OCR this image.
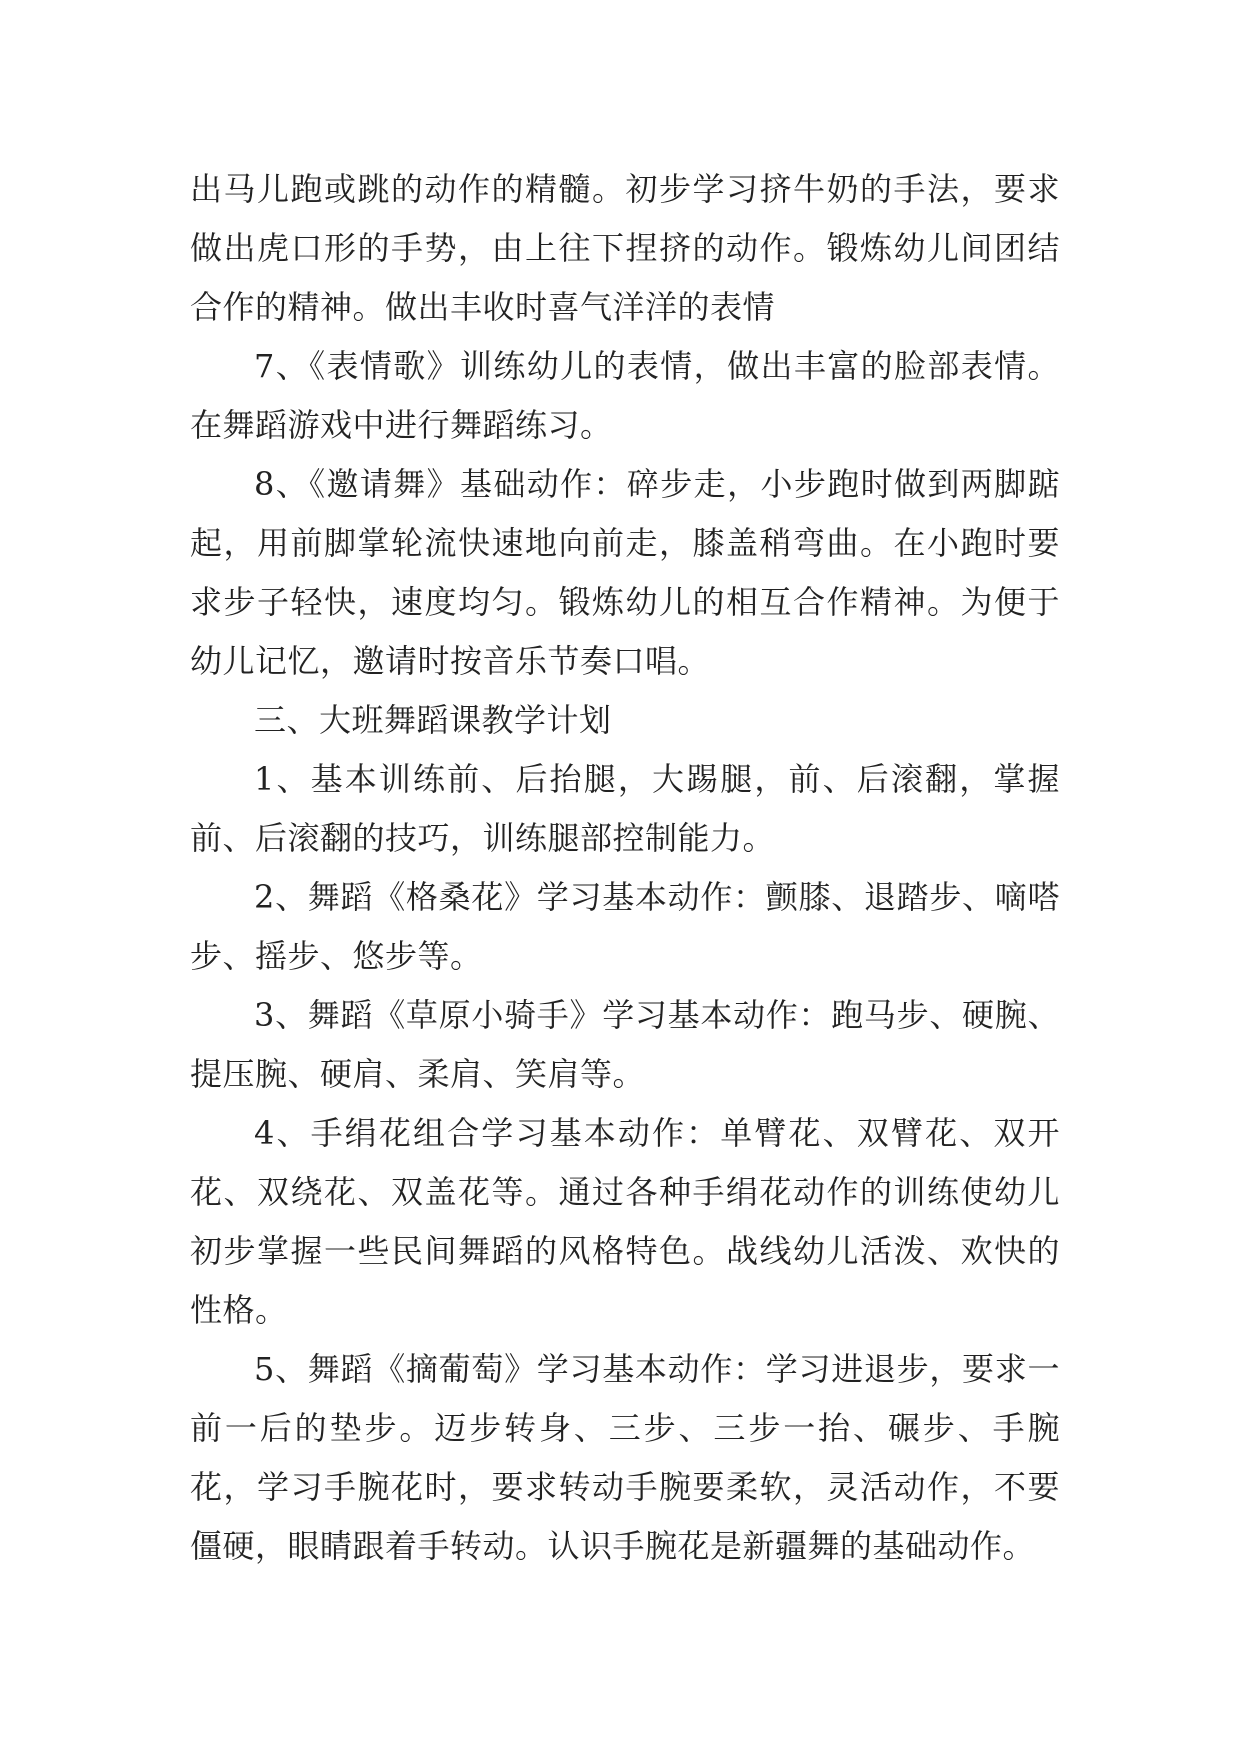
出马儿跑或跳的动作的精髓。初步学习挤牛奶的手法，要求做出虎口形的手势，由上往下捏挤的动作。锻炼幼儿间团结合作的精神。做出丰收时喜气洋洋的表情

7、《表情歌》训练幼儿的表情，做出丰富的脸部表情。在舞蹈游戏中进行舞蹈练习。

8、《邀请舞》基础动作：碎步走，小步跑时做到两脚踮起，用前脚掌轮流快速地向前走，膝盖稍弯曲。在小跑时要求步子轻快，速度均匀。锻炼幼儿的相互合作精神。为便于幼儿记忆，邀请时按音乐节奏口唱。

三、大班舞蹈课教学计划

1、基本训练前、后抬腿，大踢腿，前、后滚翻，掌握前、后滚翻的技巧，训练腿部控制能力。

2、舞蹈《格桑花》学习基本动作：颤膝、退踏步、嘀嗒步、摇步、悠步等。

3、舞蹈《草原小骑手》学习基本动作：跑马步、硬腕、提压腕、硬肩、柔肩、笑肩等。

4、手绢花组合学习基本动作：单臂花、双臂花、双开花、双绕花、双盖花等。通过各种手绢花动作的训练使幼儿初步掌握一些民间舞蹈的风格特色。战线幼儿活泼、欢快的性格。

5、舞蹈《摘葡萄》学习基本动作：学习进退步，要求一前一后的垫步。迈步转身、三步、三步一抬、碾步、手腕花，学习手腕花时，要求转动手腕要柔软，灵活动作，不要僵硬，眼睛跟着手转动。认识手腕花是新疆舞的基础动作。
